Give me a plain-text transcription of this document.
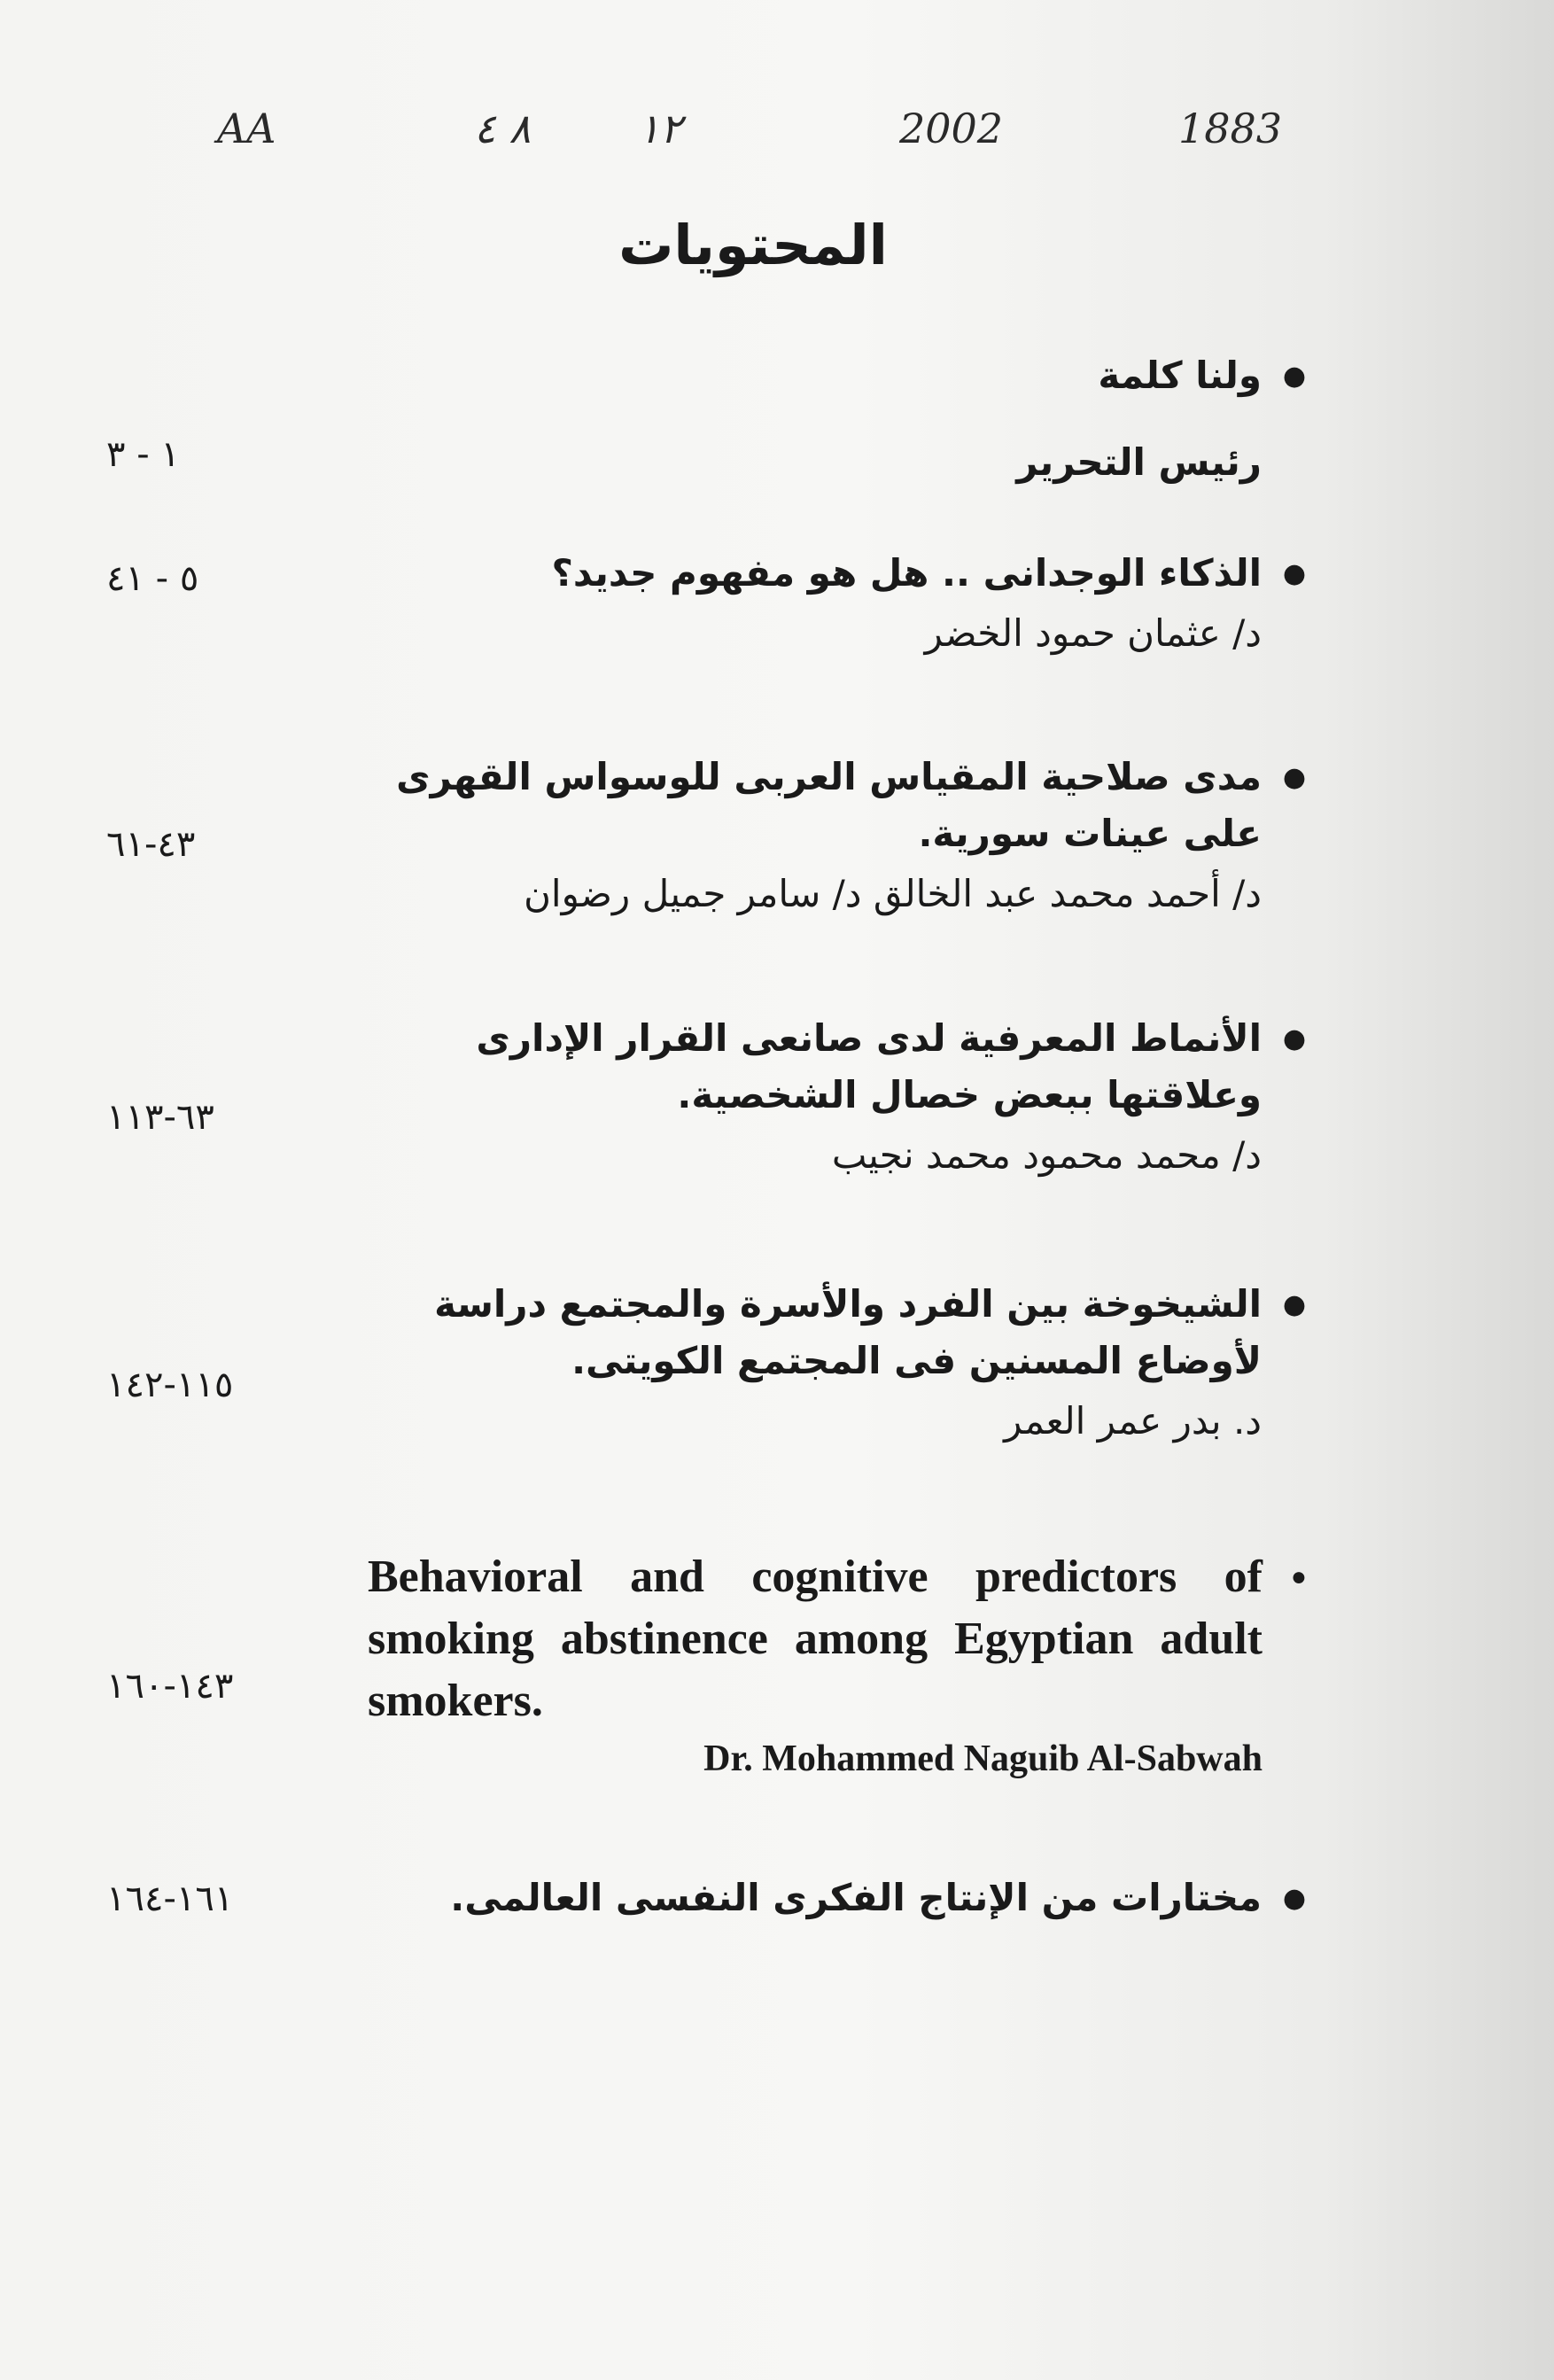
AA	٨ ٤	١٢	2002	1883
المحتويات
●
ولنا كلمة
رئيس التحرير
١ - ٣
●
الذكاء الوجدانى .. هل هو مفهوم جديد؟
د/ عثمان حمود الخضر
٥ - ٤١
●
مدى صلاحية المقياس العربى للوسواس القهرى على عينات سورية.
د/ أحمد محمد عبد الخالق د/ سامر جميل رضوان
٤٣-٦١
●
الأنماط المعرفية لدى صانعى القرار الإدارى وعلاقتها ببعض خصال الشخصية.
د/ محمد محمود محمد نجيب
٦٣-١١٣
●
الشيخوخة بين الفرد والأسرة والمجتمع دراسة لأوضاع المسنين فى المجتمع الكويتى.
د. بدر عمر العمر
١١٥-١٤٢
●
Behavioral and cognitive predictors of smoking abstinence among Egyptian adult smokers.
Dr. Mohammed Naguib Al-Sabwah
١٤٣-١٦٠
●
مختارات من الإنتاج الفكرى النفسى العالمى.
١٦١-١٦٤
